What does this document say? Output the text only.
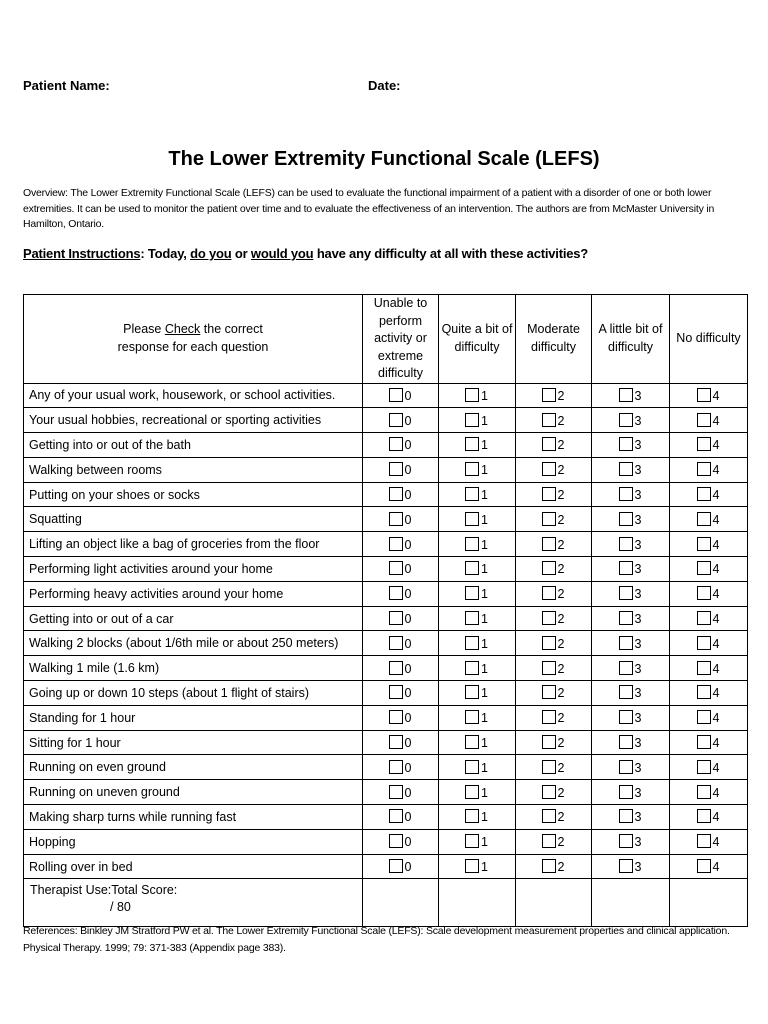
Patient Name:	Date:
The Lower Extremity Functional Scale (LEFS)

Overview: The Lower Extremity Functional Scale (LEFS) can be used to evaluate the functional impairment of a patient with a disorder of one or both lower extremities. It can be used to monitor the patient over time and to evaluate the effectiveness of an intervention. The authors are from McMaster University in Hamilton, Ontario.

Patient Instructions: Today, do you or would you have any difficulty at all with these activities?

Please Check the correct
response for each question	Unable to perform activity or extreme difficulty	Quite a bit of difficulty	Moderate difficulty	A little bit of difficulty	No difficulty
Any of your usual work, housework, or school activities.	0	1	2	3	4
Your usual hobbies, recreational or sporting activities	0	1	2	3	4
Getting into or out of the bath	0	1	2	3	4
Walking between rooms	0	1	2	3	4
Putting on your shoes or socks	0	1	2	3	4
Squatting	0	1	2	3	4
Lifting an object like a bag of groceries from the floor	0	1	2	3	4
Performing light activities around your home	0	1	2	3	4
Performing heavy activities around your home	0	1	2	3	4
Getting into or out of a car	0	1	2	3	4
Walking 2 blocks (about 1/6th mile or about 250 meters)	0	1	2	3	4
Walking 1 mile (1.6 km)	0	1	2	3	4
Going up or down 10 steps (about 1 flight of stairs)	0	1	2	3	4
Standing for 1 hour	0	1	2	3	4
Sitting for 1 hour	0	1	2	3	4
Running on even ground	0	1	2	3	4
Running on uneven ground	0	1	2	3	4
Making sharp turns while running fast	0	1	2	3	4
Hopping	0	1	2	3	4
Rolling over in bed	0	1	2	3	4
Therapist Use:Total Score:
/ 80					

References: Binkley JM Stratford PW et al. The Lower Extremity Functional Scale (LEFS): Scale development measurement properties and clinical application. Physical Therapy. 1999; 79: 371-383 (Appendix page 383).
